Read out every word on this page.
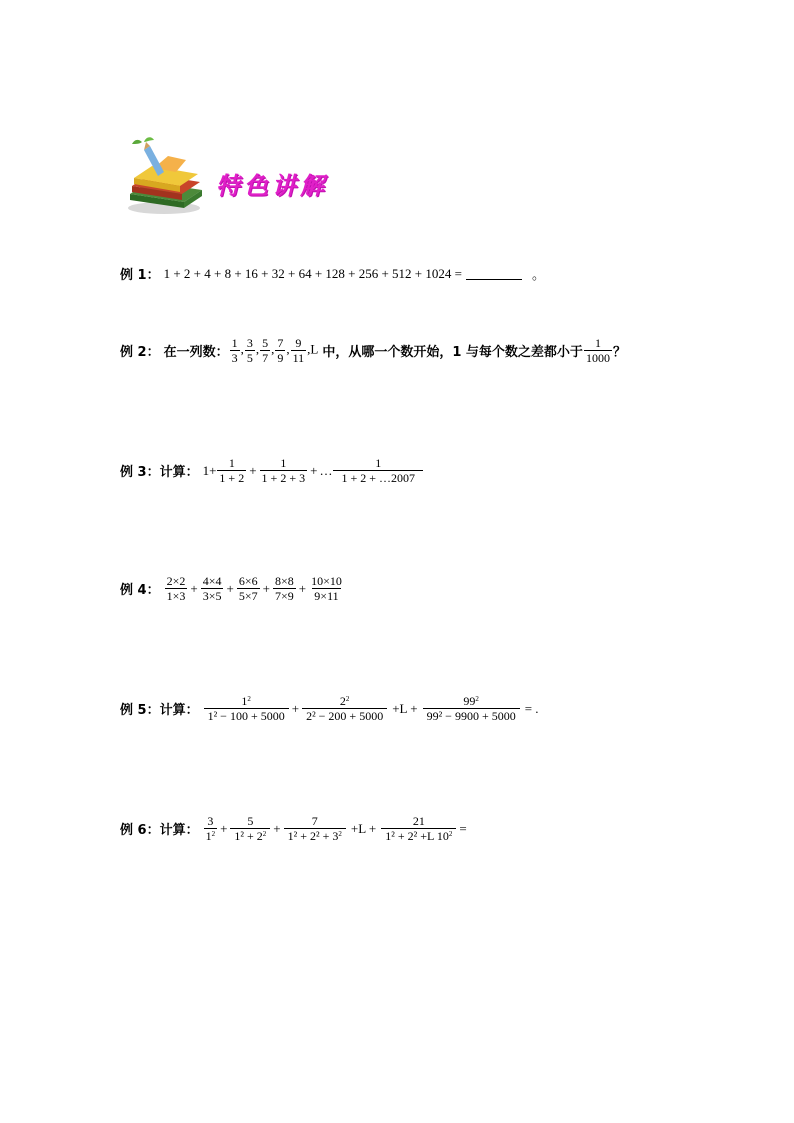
特色讲解
例 1： 1 + 2 + 4 + 8 + 16 + 32 + 64 + 128 + 256 + 512 + 1024 =	。
例 2： 在一列数： $\frac{1}{3}$ , $\frac{3}{5}$ , $\frac{5}{7}$ , $\frac{7}{9}$ , $\frac{9}{11} ,L$ 中，从哪一个数开始，1 与每个数之差都小于 $\frac{1}{1000}$ ？
例 3：计算： $1+ \frac{1}{1 + 2} + \frac{1}{1 + 2 + 3}$ + … $\frac{1}{1 + 2 + \dots 2007}$
例 4： $\frac{2\times 2}{1\times 3} + \frac{4\times 4}{3\times 5} + \frac{6\times 6}{5\times 7} + \frac{8\times 8}{7\times 9} + \frac{10\times 10}{9\times 11}$
例 5：计算： $\frac{1^2}{\text{1² − 100 + 5000}} + \frac{2^2}{\text{2² − 200 + 5000}} +L + \frac{99^2}{\text{99² − 9900 + 5000}}$ = .
例 6：计算： $\frac{3}{1^2} + \frac{5}{1^2 + 2^2} + \frac{7}{1^2 + 2^2 + 3^2} +L + \frac{21}{1^2 + 2^2 +L 10^2}$ =
